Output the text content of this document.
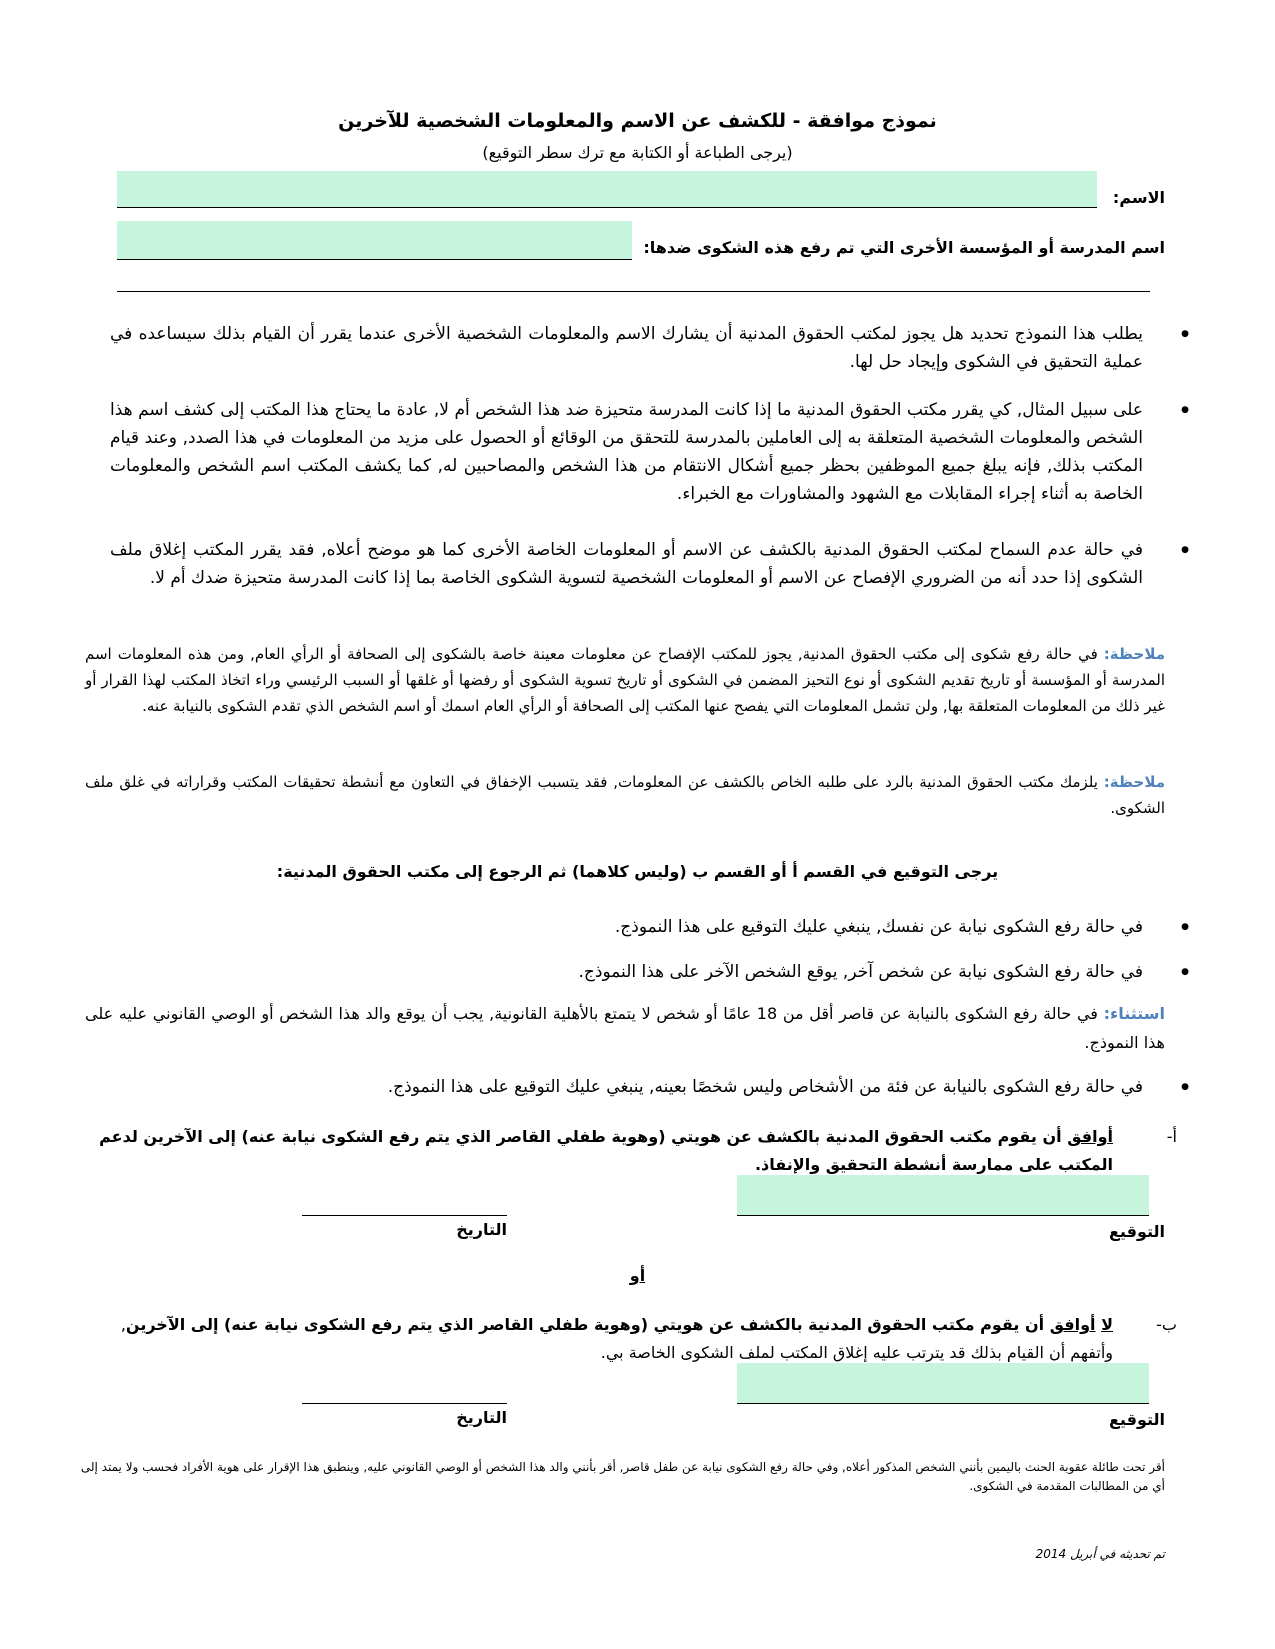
نموذج موافقة - للكشف عن الاسم والمعلومات الشخصية للآخرين
(يرجى الطباعة أو الكتابة مع ترك سطر التوقيع)
الاسم:
اسم المدرسة أو المؤسسة الأخرى التي تم رفع هذه الشكوى ضدها:
● يطلب هذا النموذج تحديد هل يجوز لمكتب الحقوق المدنية أن يشارك الاسم والمعلومات الشخصية الأخرى عندما يقرر أن القيام بذلك سيساعده في عملية التحقيق في الشكوى وإيجاد حل لها.
● على سبيل المثال, كي يقرر مكتب الحقوق المدنية ما إذا كانت المدرسة متحيزة ضد هذا الشخص أم لا, عادة ما يحتاج هذا المكتب إلى كشف اسم هذا الشخص والمعلومات الشخصية المتعلقة به إلى العاملين بالمدرسة للتحقق من الوقائع أو الحصول على مزيد من المعلومات في هذا الصدد, وعند قيام المكتب بذلك, فإنه يبلغ جميع الموظفين بحظر جميع أشكال الانتقام من هذا الشخص والمصاحبين له, كما يكشف المكتب اسم الشخص والمعلومات الخاصة به أثناء إجراء المقابلات مع الشهود والمشاورات مع الخبراء.
● في حالة عدم السماح لمكتب الحقوق المدنية بالكشف عن الاسم أو المعلومات الخاصة الأخرى كما هو موضح أعلاه, فقد يقرر المكتب إغلاق ملف الشكوى إذا حدد أنه من الضروري الإفصاح عن الاسم أو المعلومات الشخصية لتسوية الشكوى الخاصة بما إذا كانت المدرسة متحيزة ضدك أم لا.
ملاحظة: في حالة رفع شكوى إلى مكتب الحقوق المدنية, يجوز للمكتب الإفصاح عن معلومات معينة خاصة بالشكوى إلى الصحافة أو الرأي العام, ومن هذه المعلومات اسم المدرسة أو المؤسسة أو تاريخ تقديم الشكوى أو نوع التحيز المضمن في الشكوى أو تاريخ تسوية الشكوى أو رفضها أو غلقها أو السبب الرئيسي وراء اتخاذ المكتب لهذا القرار أو غير ذلك من المعلومات المتعلقة بها, ولن تشمل المعلومات التي يفصح عنها المكتب إلى الصحافة أو الرأي العام اسمك أو اسم الشخص الذي تقدم الشكوى بالنيابة عنه.
ملاحظة: يلزمك مكتب الحقوق المدنية بالرد على طلبه الخاص بالكشف عن المعلومات, فقد يتسبب الإخفاق في التعاون مع أنشطة تحقيقات المكتب وقراراته في غلق ملف الشكوى.
يرجى التوقيع في القسم أ أو القسم ب (وليس كلاهما) ثم الرجوع إلى مكتب الحقوق المدنية:
● في حالة رفع الشكوى نيابة عن نفسك, ينبغي عليك التوقيع على هذا النموذج.
● في حالة رفع الشكوى نيابة عن شخص آخر, يوقع الشخص الآخر على هذا النموذج.
استثناء: في حالة رفع الشكوى بالنيابة عن قاصر أقل من 18 عامًا أو شخص لا يتمتع بالأهلية القانونية, يجب أن يوقع والد هذا الشخص أو الوصي القانوني عليه على هذا النموذج.
● في حالة رفع الشكوى بالنيابة عن فئة من الأشخاص وليس شخصًا بعينه, ينبغي عليك التوقيع على هذا النموذج.
أ-
أوافق أن يقوم مكتب الحقوق المدنية بالكشف عن هويتي (وهوية طفلي القاصر الذي يتم رفع الشكوى نيابة عنه) إلى الآخرين لدعم المكتب على ممارسة أنشطة التحقيق والإنفاذ.
التوقيع
التاريخ
أو
ب-
لا أوافق أن يقوم مكتب الحقوق المدنية بالكشف عن هويتي (وهوية طفلي القاصر الذي يتم رفع الشكوى نيابة عنه) إلى الآخرين, وأتفهم أن القيام بذلك قد يترتب عليه إغلاق المكتب لملف الشكوى الخاصة بي.
التوقيع
التاريخ
أقر تحت طائلة عقوبة الحنث باليمين بأنني الشخص المذكور أعلاه, وفي حالة رفع الشكوى نيابة عن طفل قاصر, أقر بأنني والد هذا الشخص أو الوصي القانوني عليه, وينطبق هذا الإقرار على هوية الأفراد فحسب ولا يمتد إلى أي من المطالبات المقدمة في الشكوى.
تم تحديثه في أبريل 2014
